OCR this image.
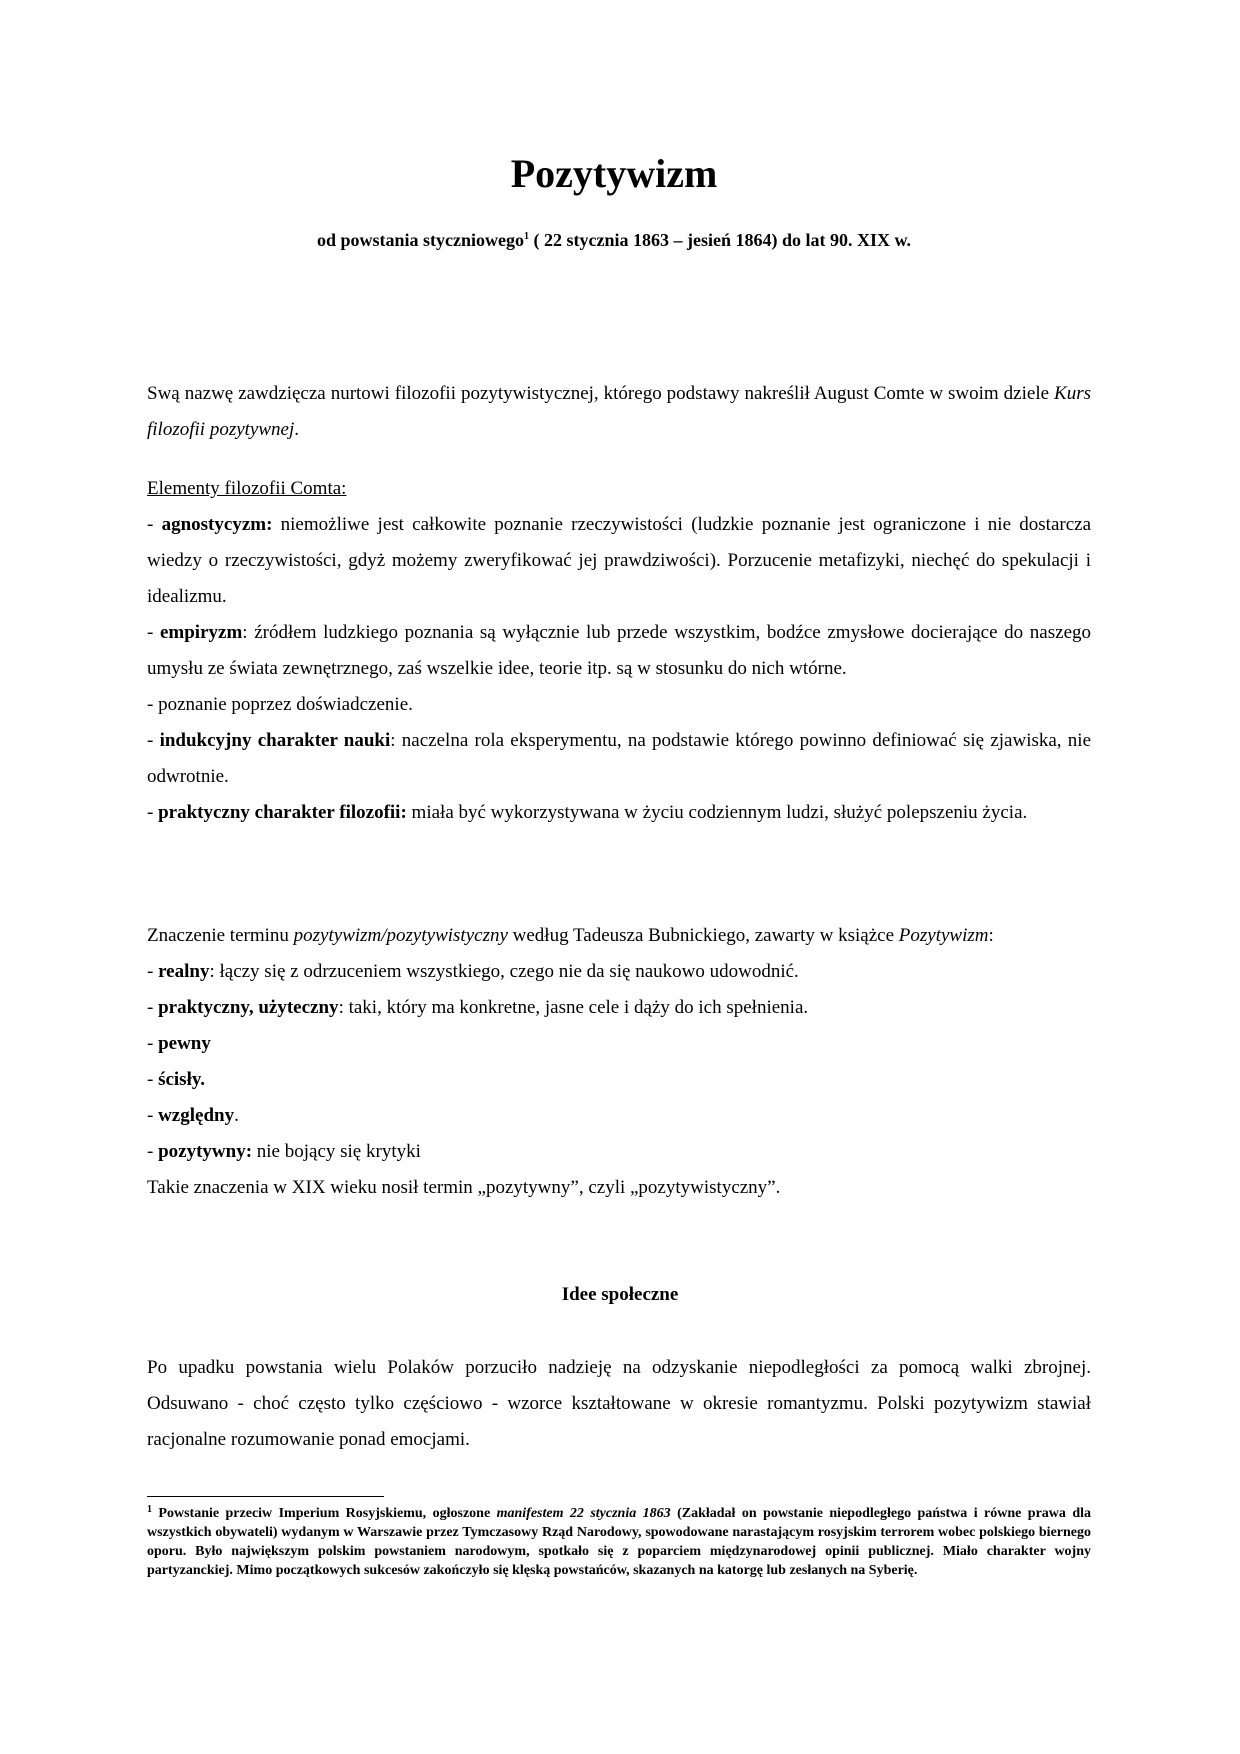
Pozytywizm
od powstania styczniowego$^1$ ( 22 stycznia 1863 – jesień 1864) do lat 90. XIX w.

Swą nazwę zawdzięcza nurtowi filozofii pozytywistycznej, którego podstawy nakreślił August Comte w swoim dziele Kurs filozofii pozytywnej.

Elementy filozofii Comta:

- agnostycyzm: niemożliwe jest całkowite poznanie rzeczywistości (ludzkie poznanie jest ograniczone i nie dostarcza wiedzy o rzeczywistości, gdyż możemy zweryfikować jej prawdziwości). Porzucenie metafizyki, niechęć do spekulacji i idealizmu.

- empiryzm: źródłem ludzkiego poznania są wyłącznie lub przede wszystkim, bodźce zmysłowe docierające do naszego umysłu ze świata zewnętrznego, zaś wszelkie idee, teorie itp. są w stosunku do nich wtórne.

- poznanie poprzez doświadczenie.

- indukcyjny charakter nauki: naczelna rola eksperymentu, na podstawie którego powinno definiować się zjawiska, nie odwrotnie.

- praktyczny charakter filozofii: miała być wykorzystywana w życiu codziennym ludzi, służyć polepszeniu życia.

Znaczenie terminu pozytywizm/pozytywistyczny według Tadeusza Bubnickiego, zawarty w książce Pozytywizm:

- realny: łączy się z odrzuceniem wszystkiego, czego nie da się naukowo udowodnić.

- praktyczny, użyteczny: taki, który ma konkretne, jasne cele i dąży do ich spełnienia.

- pewny

- ścisły.

- względny.

- pozytywny: nie bojący się krytyki

Takie znaczenia w XIX wieku nosił termin „pozytywny”, czyli „pozytywistyczny”.

Idee społeczne

Po upadku powstania wielu Polaków porzuciło nadzieję na odzyskanie niepodległości za pomocą walki zbrojnej. Odsuwano - choć często tylko częściowo - wzorce kształtowane w okresie romantyzmu. Polski pozytywizm stawiał racjonalne rozumowanie ponad emocjami.

$^1$ Powstanie przeciw Imperium Rosyjskiemu, ogłoszone manifestem 22 stycznia 1863 (Zakładał on powstanie niepodległego państwa i równe prawa dla wszystkich obywateli) wydanym w Warszawie przez Tymczasowy Rząd Narodowy, spowodowane narastającym rosyjskim terrorem wobec polskiego biernego oporu. Było największym polskim powstaniem narodowym, spotkało się z poparciem międzynarodowej opinii publicznej. Miało charakter wojny partyzanckiej. Mimo początkowych sukcesów zakończyło się klęską powstańców, skazanych na katorgę lub zesłanych na Syberię.
